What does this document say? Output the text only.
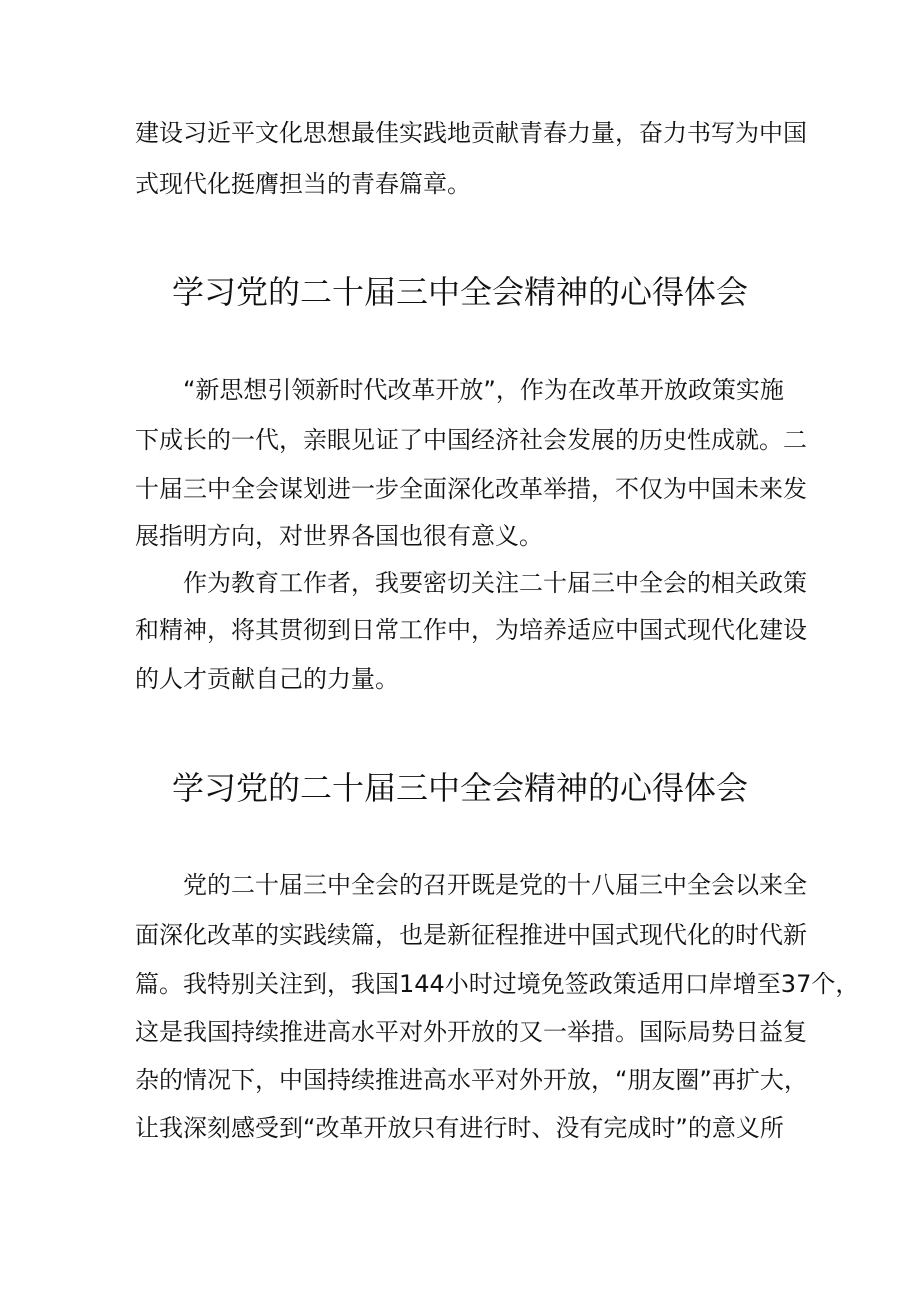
建设习近平文化思想最佳实践地贡献青春力量，奋力书写为中国
式现代化挺膺担当的青春篇章。
学习党的二十届三中全会精神的心得体会
“新思想引领新时代改革开放”，作为在改革开放政策实施
下成长的一代，亲眼见证了中国经济社会发展的历史性成就。二
十届三中全会谋划进一步全面深化改革举措，不仅为中国未来发
展指明方向，对世界各国也很有意义。
作为教育工作者，我要密切关注二十届三中全会的相关政策
和精神，将其贯彻到日常工作中，为培养适应中国式现代化建设
的人才贡献自己的力量。
学习党的二十届三中全会精神的心得体会
党的二十届三中全会的召开既是党的十八届三中全会以来全
面深化改革的实践续篇，也是新征程推进中国式现代化的时代新
篇。我特别关注到，我国144小时过境免签政策适用口岸增至37个，
这是我国持续推进高水平对外开放的又一举措。国际局势日益复
杂的情况下，中国持续推进高水平对外开放，“朋友圈”再扩大，
让我深刻感受到“改革开放只有进行时、没有完成时”的意义所
